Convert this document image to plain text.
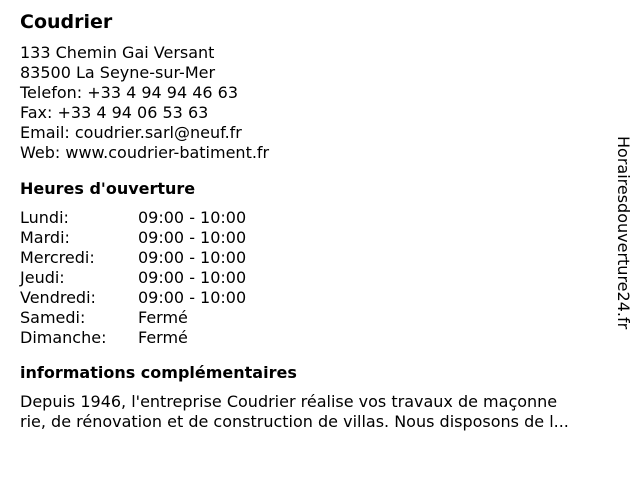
Coudrier
133 Chemin Gai Versant
83500 La Seyne-sur-Mer
Telefon: +33 4 94 94 46 63
Fax: +33 4 94 06 53 63
Email: coudrier.sarl@neuf.fr
Web: www.coudrier-batiment.fr
Heures d'ouverture
Lundi:	09:00 - 10:00
Mardi:	09:00 - 10:00
Mercredi:	09:00 - 10:00
Jeudi:	09:00 - 10:00
Vendredi:	09:00 - 10:00
Samedi:	Fermé
Dimanche:	Fermé
informations complémentaires
Depuis 1946, l'entreprise Coudrier réalise vos travaux de maçonne
rie, de rénovation et de construction de villas. Nous disposons de l...
Horairesdouverture24.fr
